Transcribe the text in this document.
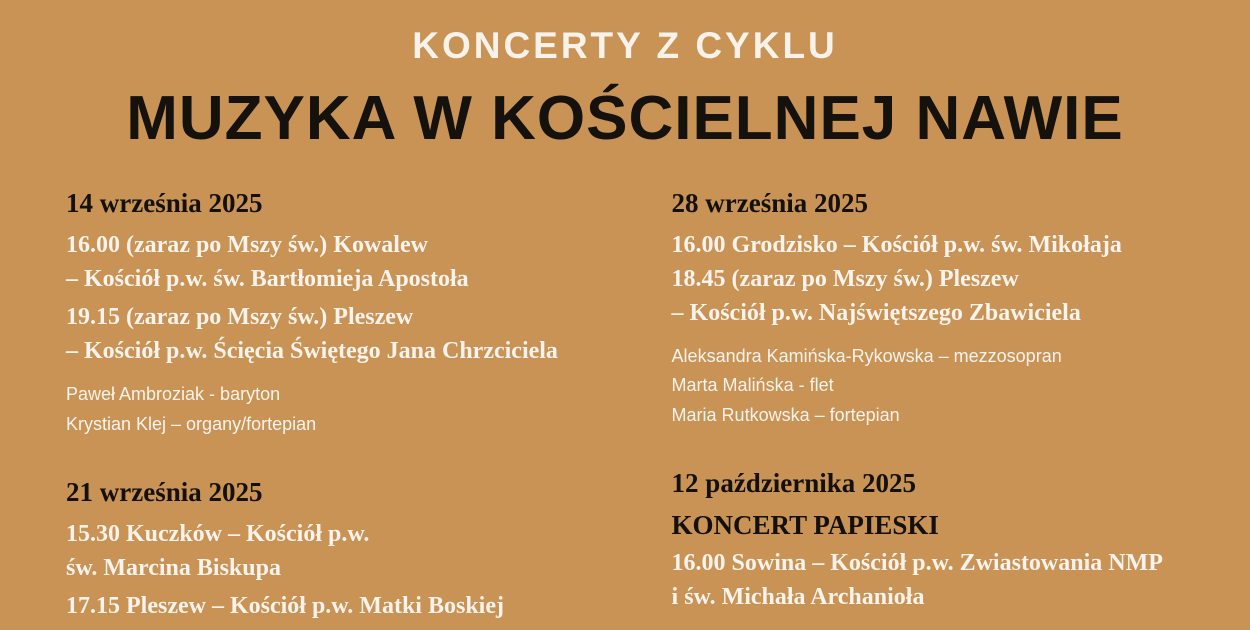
KONCERTY Z CYKLU
MUZYKA W KOŚCIELNEJ NAWIE
14 września 2025
16.00 (zaraz po Mszy św.) Kowalew
– Kościół p.w. św. Bartłomieja Apostoła
19.15 (zaraz po Mszy św.) Pleszew
– Kościół p.w. Ścięcia Świętego Jana Chrzciciela
Paweł Ambroziak - baryton
Krystian Klej – organy/fortepian
21 września 2025
15.30 Kuczków – Kościół p.w.
św. Marcina Biskupa
17.15 Pleszew – Kościół p.w. Matki Boskiej
28 września 2025
16.00 Grodzisko – Kościół p.w. św. Mikołaja
18.45 (zaraz po Mszy św.) Pleszew
– Kościół p.w. Najświętszego Zbawiciela
Aleksandra Kamińska-Rykowska – mezzosopran
Marta Malińska - flet
Maria Rutkowska – fortepian
12 października 2025
KONCERT PAPIESKI
16.00 Sowina – Kościół p.w. Zwiastowania NMP
i św. Michała Archanioła
